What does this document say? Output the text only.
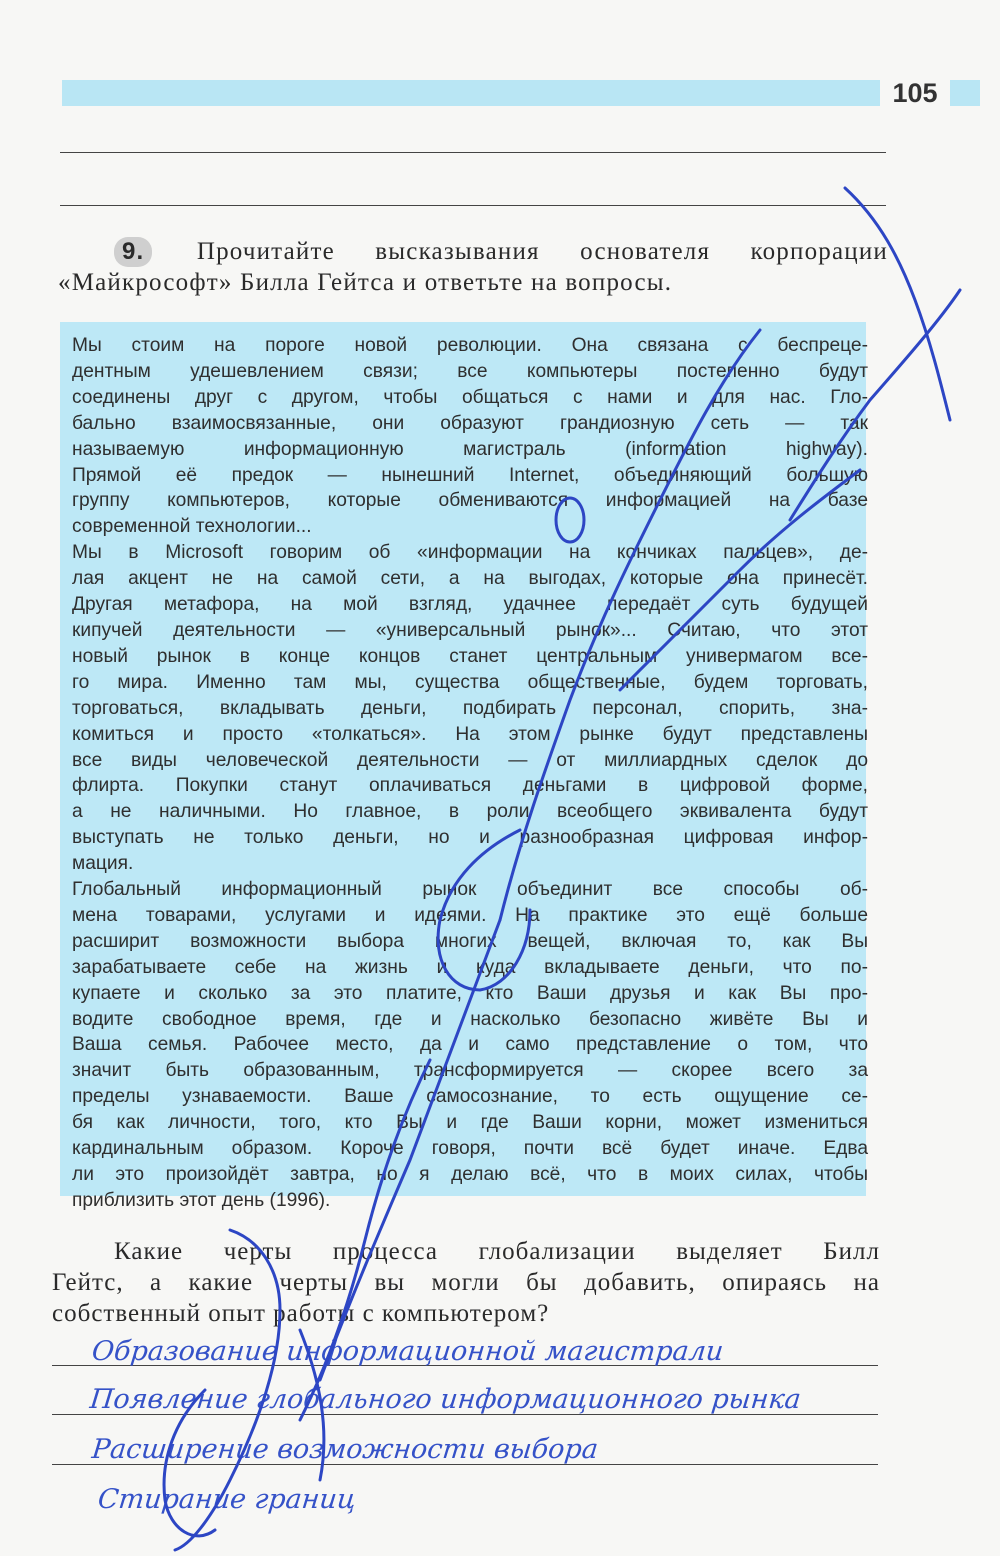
105
9. Прочитайте высказывания основателя корпорации «Майкрософт» Билла Гейтса и ответьте на вопросы.
Мы стоим на пороге новой революции. Она связана с беспреце-
дентным удешевлением связи; все компьютеры постепенно будут
соединены друг с другом, чтобы общаться с нами и для нас. Гло-
бально взаимосвязанные, они образуют грандиозную сеть — так
называемую информационную магистраль (information highway).
Прямой её предок — нынешний Internet, объединяющий большую
группу компьютеров, которые обмениваются информацией на базе
современной технологии...
Мы в Microsoft говорим об «информации на кончиках пальцев», де-
лая акцент не на самой сети, а на выгодах, которые она принесёт.
Другая метафора, на мой взгляд, удачнее передаёт суть будущей
кипучей деятельности — «универсальный рынок»... Считаю, что этот
новый рынок в конце концов станет центральным универмагом все-
го мира. Именно там мы, существа общественные, будем торговать,
торговаться, вкладывать деньги, подбирать персонал, спорить, зна-
комиться и просто «толкаться». На этом рынке будут представлены
все виды человеческой деятельности — от миллиардных сделок до
флирта. Покупки станут оплачиваться деньгами в цифровой форме,
а не наличными. Но главное, в роли всеобщего эквивалента будут
выступать не только деньги, но и разнообразная цифровая инфор-
мация.
Глобальный информационный рынок объединит все способы об-
мена товарами, услугами и идеями. На практике это ещё больше
расширит возможности выбора многих вещей, включая то, как Вы
зарабатываете себе на жизнь и куда вкладываете деньги, что по-
купаете и сколько за это платите, кто Ваши друзья и как Вы про-
водите свободное время, где и насколько безопасно живёте Вы и
Ваша семья. Рабочее место, да и само представление о том, что
значит быть образованным, трансформируется — скорее всего за
пределы узнаваемости. Ваше самосознание, то есть ощущение се-
бя как личности, того, кто Вы и где Ваши корни, может измениться
кардинальным образом. Короче говоря, почти всё будет иначе. Едва
ли это произойдёт завтра, но я делаю всё, что в моих силах, чтобы
приблизить этот день (1996).
Какие черты процесса глобализации выделяет Билл
Гейтс, а какие черты вы могли бы добавить, опираясь на
собственный опыт работы с компьютером?
Образование информационной магистрали
Появление глобального информационного рынка
Расширение возможности выбора
Стирание границ
